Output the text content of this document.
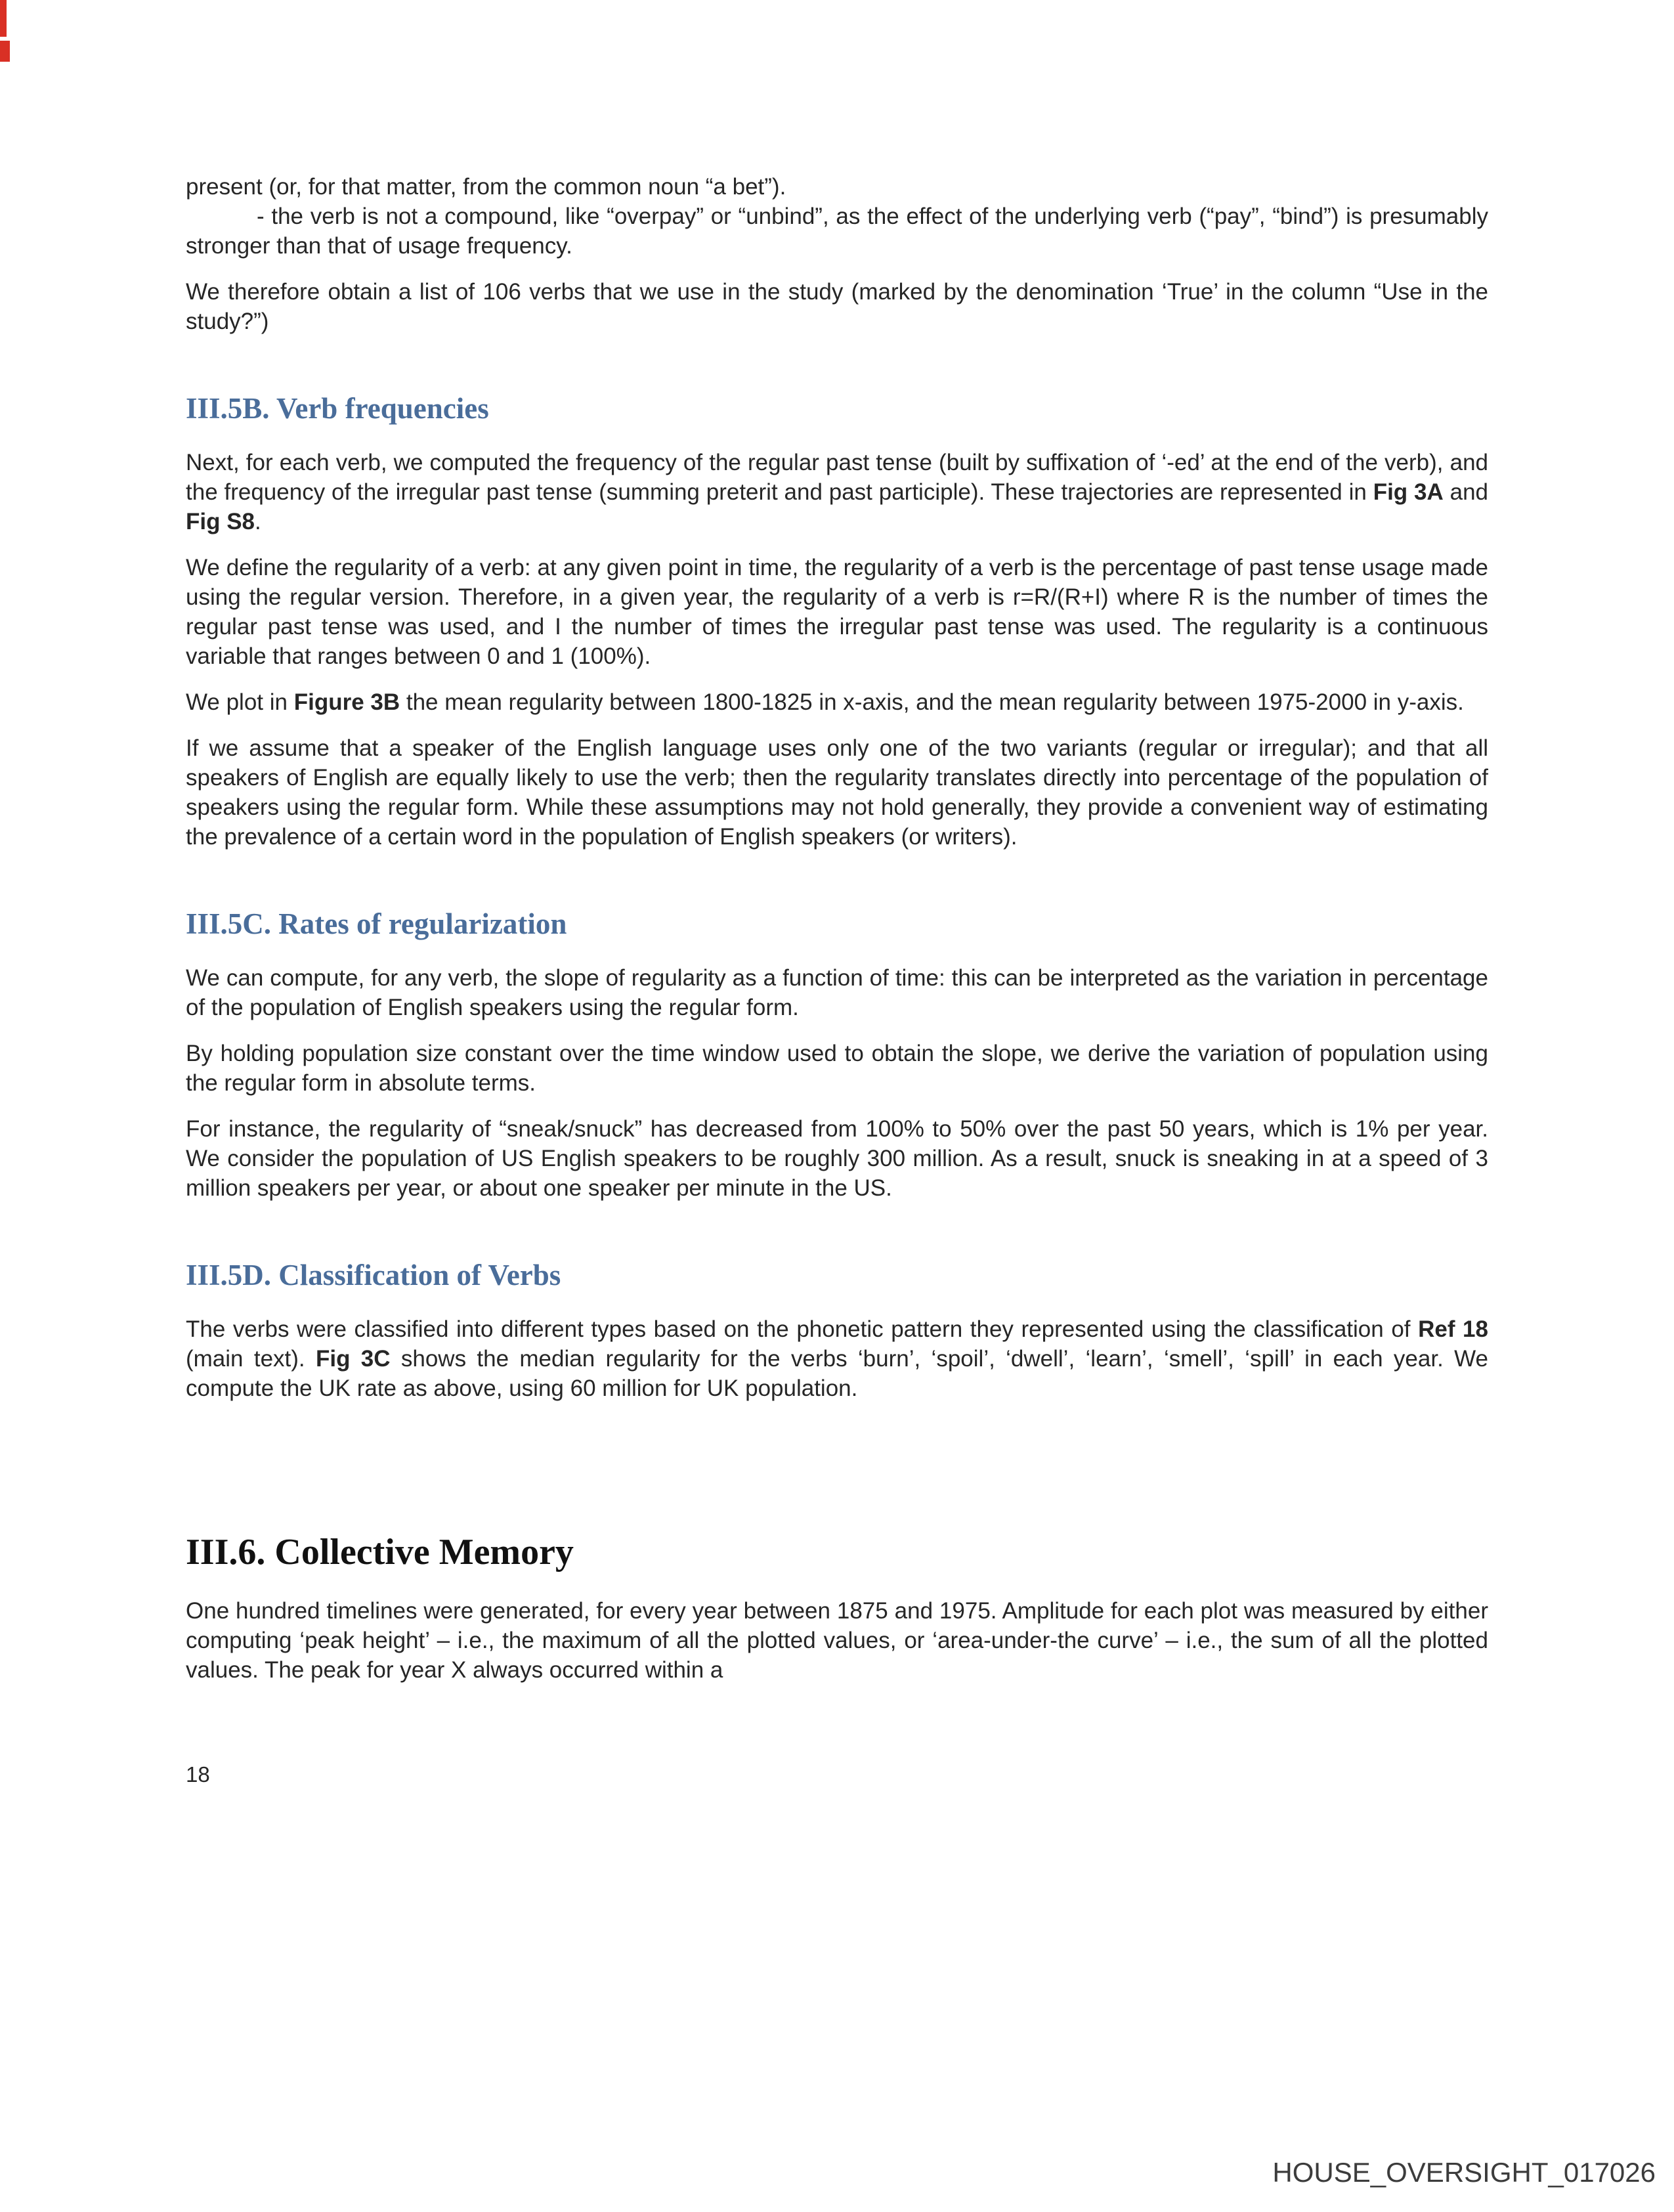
present (or, for that matter, from the common noun “a bet”).

- the verb is not a compound, like “overpay” or “unbind”, as the effect of the underlying verb (“pay”, “bind”) is presumably stronger than that of usage frequency.

We therefore obtain a list of 106 verbs that we use in the study (marked by the denomination ‘True’ in the column “Use in the study?”)

III.5B. Verb frequencies

Next, for each verb, we computed the frequency of the regular past tense (built by suffixation of ‘-ed’ at the end of the verb), and the frequency of the irregular past tense (summing preterit and past participle). These trajectories are represented in Fig 3A and Fig S8.

We define the regularity of a verb: at any given point in time, the regularity of a verb is the percentage of past tense usage made using the regular version. Therefore, in a given year, the regularity of a verb is r=R/(R+I) where R is the number of times the regular past tense was used, and I the number of times the irregular past tense was used. The regularity is a continuous variable that ranges between 0 and 1 (100%).

We plot in Figure 3B the mean regularity between 1800-1825 in x-axis, and the mean regularity between 1975-2000 in y-axis.

If we assume that a speaker of the English language uses only one of the two variants (regular or irregular); and that all speakers of English are equally likely to use the verb; then the regularity translates directly into percentage of the population of speakers using the regular form. While these assumptions may not hold generally, they provide a convenient way of estimating the prevalence of a certain word in the population of English speakers (or writers).

III.5C. Rates of regularization

We can compute, for any verb, the slope of regularity as a function of time: this can be interpreted as the variation in percentage of the population of English speakers using the regular form.

By holding population size constant over the time window used to obtain the slope, we derive the variation of population using the regular form in absolute terms.

For instance, the regularity of “sneak/snuck” has decreased from 100% to 50% over the past 50 years, which is 1% per year. We consider the population of US English speakers to be roughly 300 million. As a result, snuck is sneaking in at a speed of 3 million speakers per year, or about one speaker per minute in the US.

III.5D. Classification of Verbs

The verbs were classified into different types based on the phonetic pattern they represented using the classification of Ref 18 (main text). Fig 3C shows the median regularity for the verbs ‘burn’, ‘spoil’, ‘dwell’, ‘learn’, ‘smell’, ‘spill’ in each year. We compute the UK rate as above, using 60 million for UK population.

III.6. Collective Memory

One hundred timelines were generated, for every year between 1875 and 1975. Amplitude for each plot was measured by either computing ‘peak height’ – i.e., the maximum of all the plotted values, or ‘area-under-the curve’ – i.e., the sum of all the plotted values. The peak for year X always occurred within a

18
HOUSE_OVERSIGHT_017026
